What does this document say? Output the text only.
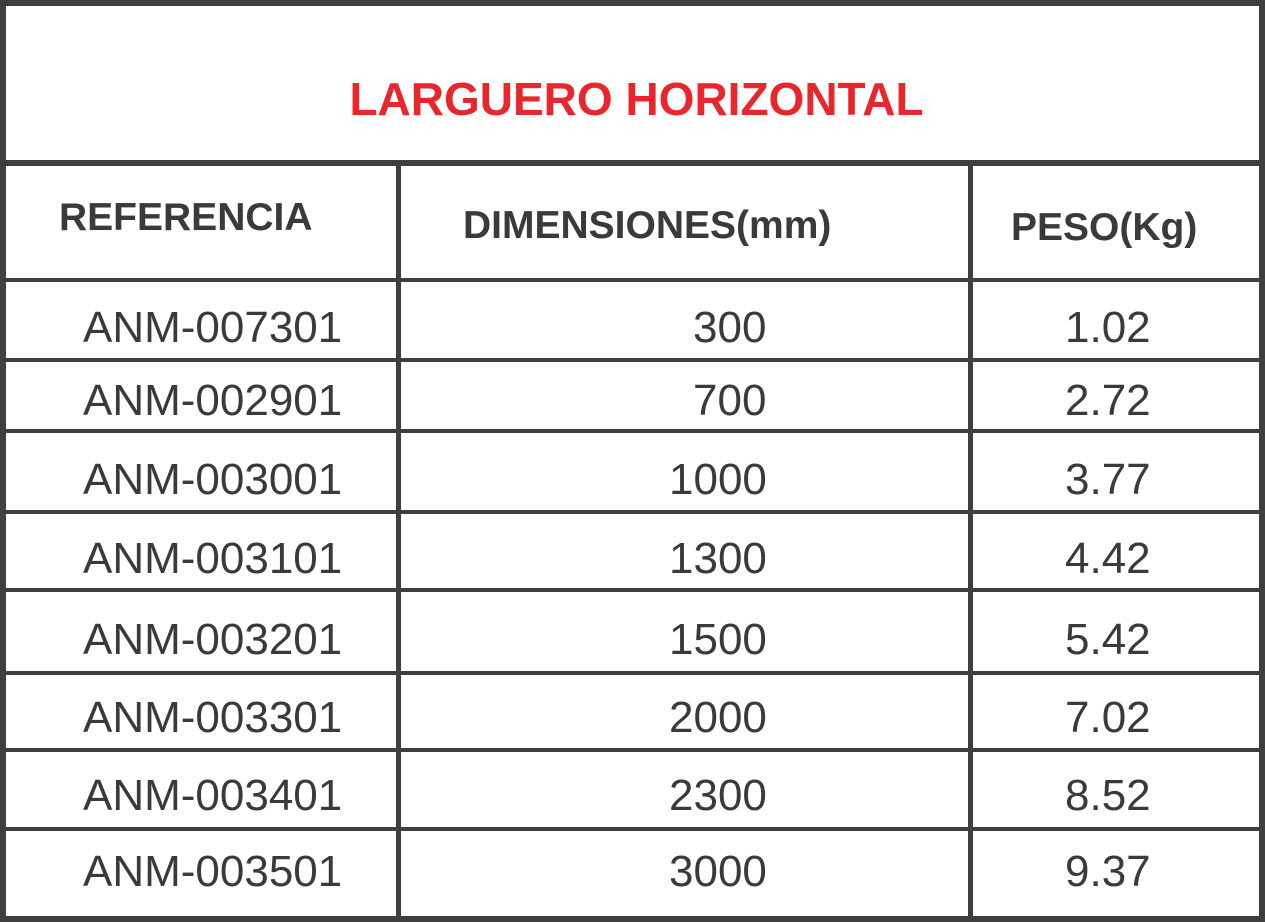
LARGUERO HORIZONTAL
REFERENCIA	DIMENSIONES(mm)	PESO(Kg)
ANM-007301	300	1.02
ANM-002901	700	2.72
ANM-003001	1000	3.77
ANM-003101	1300	4.42
ANM-003201	1500	5.42
ANM-003301	2000	7.02
ANM-003401	2300	8.52
ANM-003501	3000	9.37
